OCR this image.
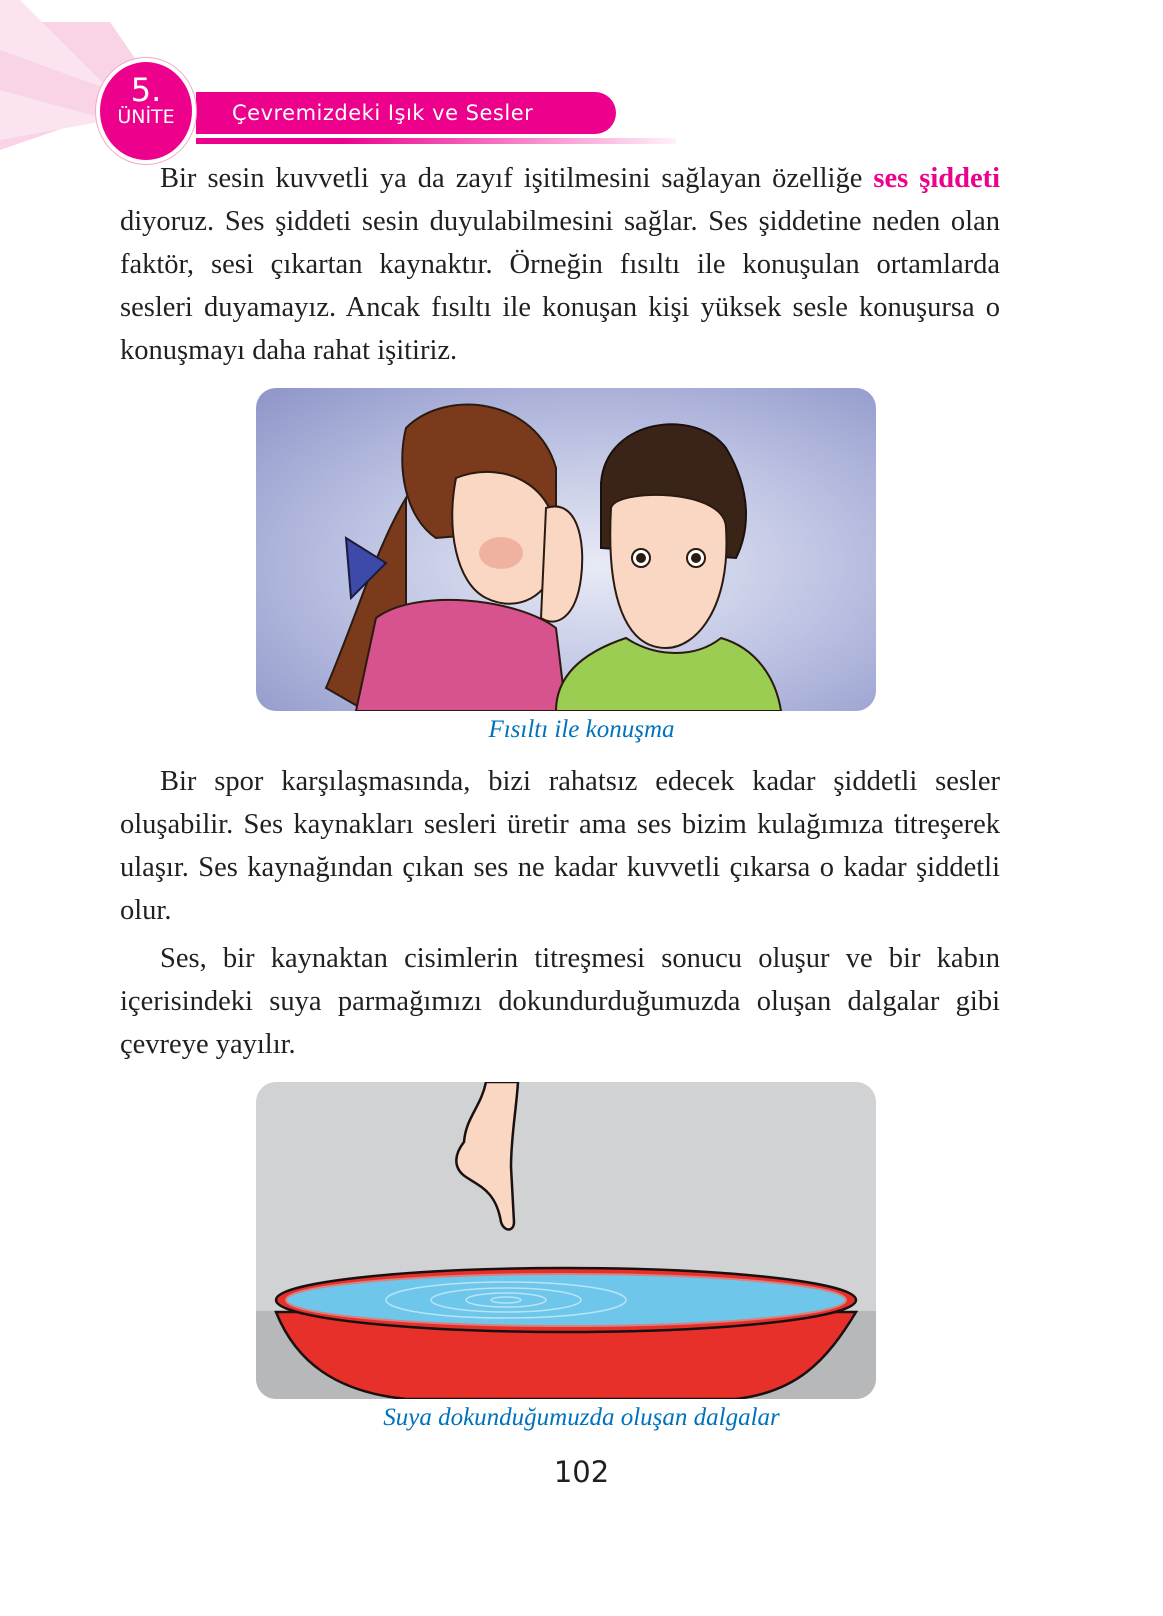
Çevremizdeki Işık ve Sesler
5.
ÜNİTE

Bir sesin kuvvetli ya da zayıf işitilmesini sağlayan özelliğe ses şiddeti diyoruz. Ses şiddeti sesin duyulabilmesini sağlar. Ses şiddetine neden olan faktör, sesi çıkartan kaynaktır. Örneğin fısıltı ile konuşulan ortamlarda sesleri duyamayız. Ancak fısıltı ile konuşan kişi yüksek sesle konuşursa o konuşmayı daha rahat işitiriz.

Fısıltı ile konuşma

Bir spor karşılaşmasında, bizi rahatsız edecek kadar şiddetli sesler oluşabilir. Ses kaynakları sesleri üretir ama ses bizim kulağımıza titreşerek ulaşır. Ses kaynağından çıkan ses ne kadar kuvvetli çıkarsa o kadar şiddetli olur.

Ses, bir kaynaktan cisimlerin titreşmesi sonucu oluşur ve bir kabın içerisindeki suya parmağımızı dokundurduğumuzda oluşan dalgalar gibi çevreye yayılır.

Suya dokunduğumuzda oluşan dalgalar
102
